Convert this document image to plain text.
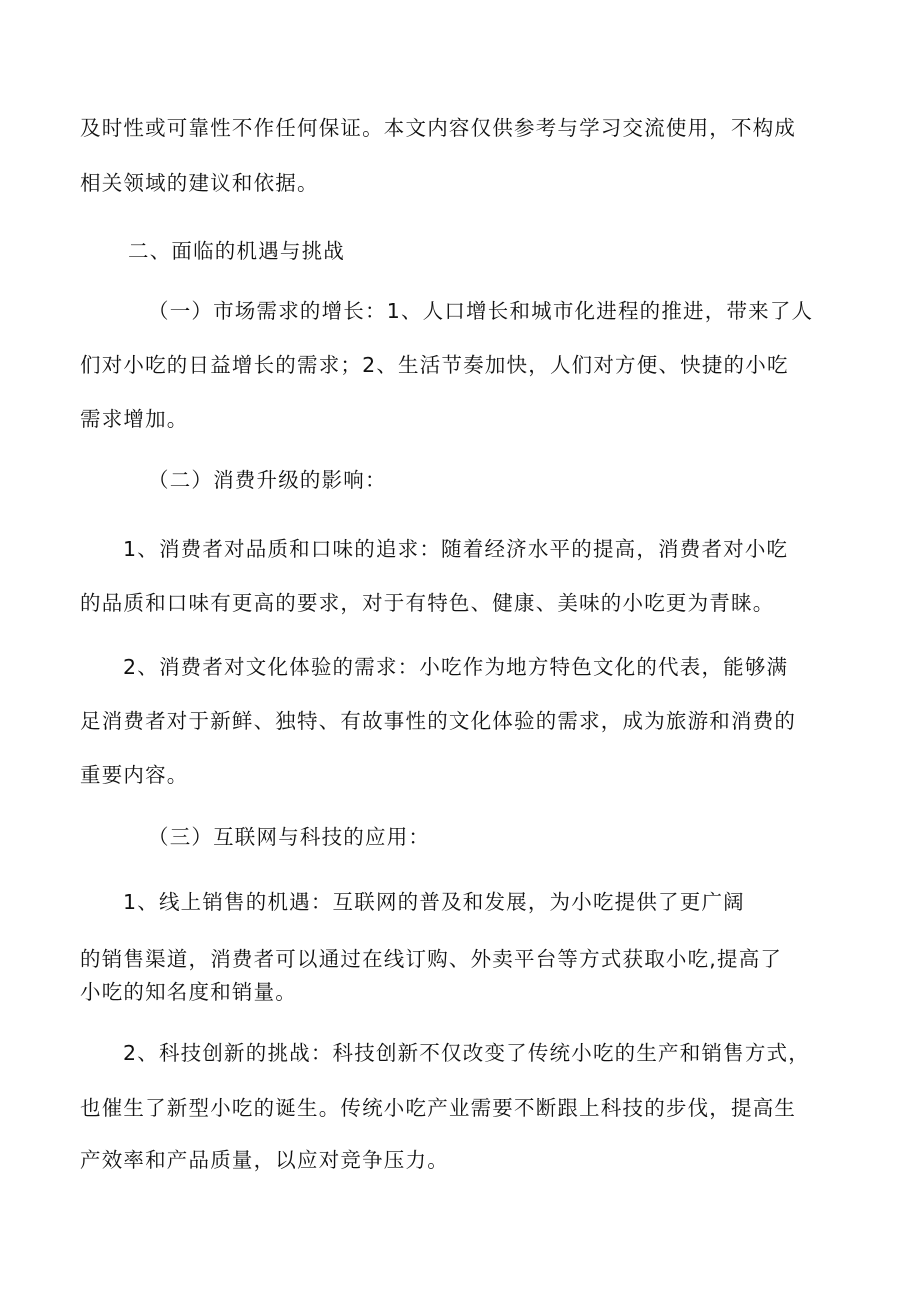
及时性或可靠性不作任何保证。本文内容仅供参考与学习交流使用，不构成
相关领域的建议和依据。
二、面临的机遇与挑战
（一）市场需求的增长：1、人口增长和城市化进程的推进，带来了人
们对小吃的日益增长的需求；2、生活节奏加快，人们对方便、快捷的小吃
需求增加。
（二）消费升级的影响：
1、消费者对品质和口味的追求：随着经济水平的提高，消费者对小吃
的品质和口味有更高的要求，对于有特色、健康、美味的小吃更为青睐。
2、消费者对文化体验的需求：小吃作为地方特色文化的代表，能够满
足消费者对于新鲜、独特、有故事性的文化体验的需求，成为旅游和消费的
重要内容。
（三）互联网与科技的应用：
1、线上销售的机遇：互联网的普及和发展，为小吃提供了更广阔
的销售渠道，消费者可以通过在线订购、外卖平台等方式获取小吃,提高了
小吃的知名度和销量。
2、科技创新的挑战：科技创新不仅改变了传统小吃的生产和销售方式，
也催生了新型小吃的诞生。传统小吃产业需要不断跟上科技的步伐，提高生
产效率和产品质量，以应对竞争压力。
